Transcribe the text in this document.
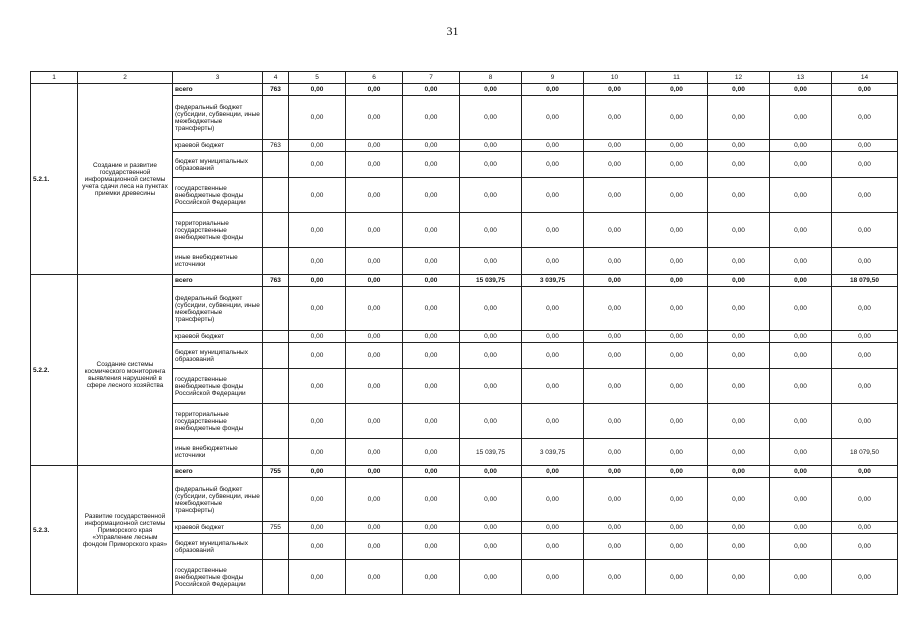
31
1	2	3	4	5	6	7	8	9	10	11	12	13	14
5.2.1.	Создание и развитие государственной информационной системы учета сдачи леса на пунктах приемки древесины	всего	763	0,00	0,00	0,00	0,00	0,00	0,00	0,00	0,00	0,00	0,00
		федеральный бюджет (субсидии, субвенции, иные межбюджетные трансферты)		0,00	0,00	0,00	0,00	0,00	0,00	0,00	0,00	0,00	0,00
		краевой бюджет	763	0,00	0,00	0,00	0,00	0,00	0,00	0,00	0,00	0,00	0,00
		бюджет муниципальных образований		0,00	0,00	0,00	0,00	0,00	0,00	0,00	0,00	0,00	0,00
		государственные внебюджетные фонды Российской Федерации		0,00	0,00	0,00	0,00	0,00	0,00	0,00	0,00	0,00	0,00
		территориальные государственные внебюджетные фонды		0,00	0,00	0,00	0,00	0,00	0,00	0,00	0,00	0,00	0,00
		иные внебюджетные источники		0,00	0,00	0,00	0,00	0,00	0,00	0,00	0,00	0,00	0,00
5.2.2.	Создание системы космического мониторинга выявления нарушений в сфере лесного хозяйства	всего	763	0,00	0,00	0,00	15 039,75	3 039,75	0,00	0,00	0,00	0,00	18 079,50
		федеральный бюджет (субсидии, субвенции, иные межбюджетные трансферты)		0,00	0,00	0,00	0,00	0,00	0,00	0,00	0,00	0,00	0,00
		краевой бюджет		0,00	0,00	0,00	0,00	0,00	0,00	0,00	0,00	0,00	0,00
		бюджет муниципальных образований		0,00	0,00	0,00	0,00	0,00	0,00	0,00	0,00	0,00	0,00
		государственные внебюджетные фонды Российской Федерации		0,00	0,00	0,00	0,00	0,00	0,00	0,00	0,00	0,00	0,00
		территориальные государственные внебюджетные фонды		0,00	0,00	0,00	0,00	0,00	0,00	0,00	0,00	0,00	0,00
		иные внебюджетные источники		0,00	0,00	0,00	15 039,75	3 039,75	0,00	0,00	0,00	0,00	18 079,50
5.2.3.	Развитие государственной информационной системы Приморского края «Управление лесным фондом Приморского края»	всего	755	0,00	0,00	0,00	0,00	0,00	0,00	0,00	0,00	0,00	0,00
		федеральный бюджет (субсидии, субвенции, иные межбюджетные трансферты)		0,00	0,00	0,00	0,00	0,00	0,00	0,00	0,00	0,00	0,00
		краевой бюджет	755	0,00	0,00	0,00	0,00	0,00	0,00	0,00	0,00	0,00	0,00
		бюджет муниципальных образований		0,00	0,00	0,00	0,00	0,00	0,00	0,00	0,00	0,00	0,00
		государственные внебюджетные фонды Российской Федерации		0,00	0,00	0,00	0,00	0,00	0,00	0,00	0,00	0,00	0,00
